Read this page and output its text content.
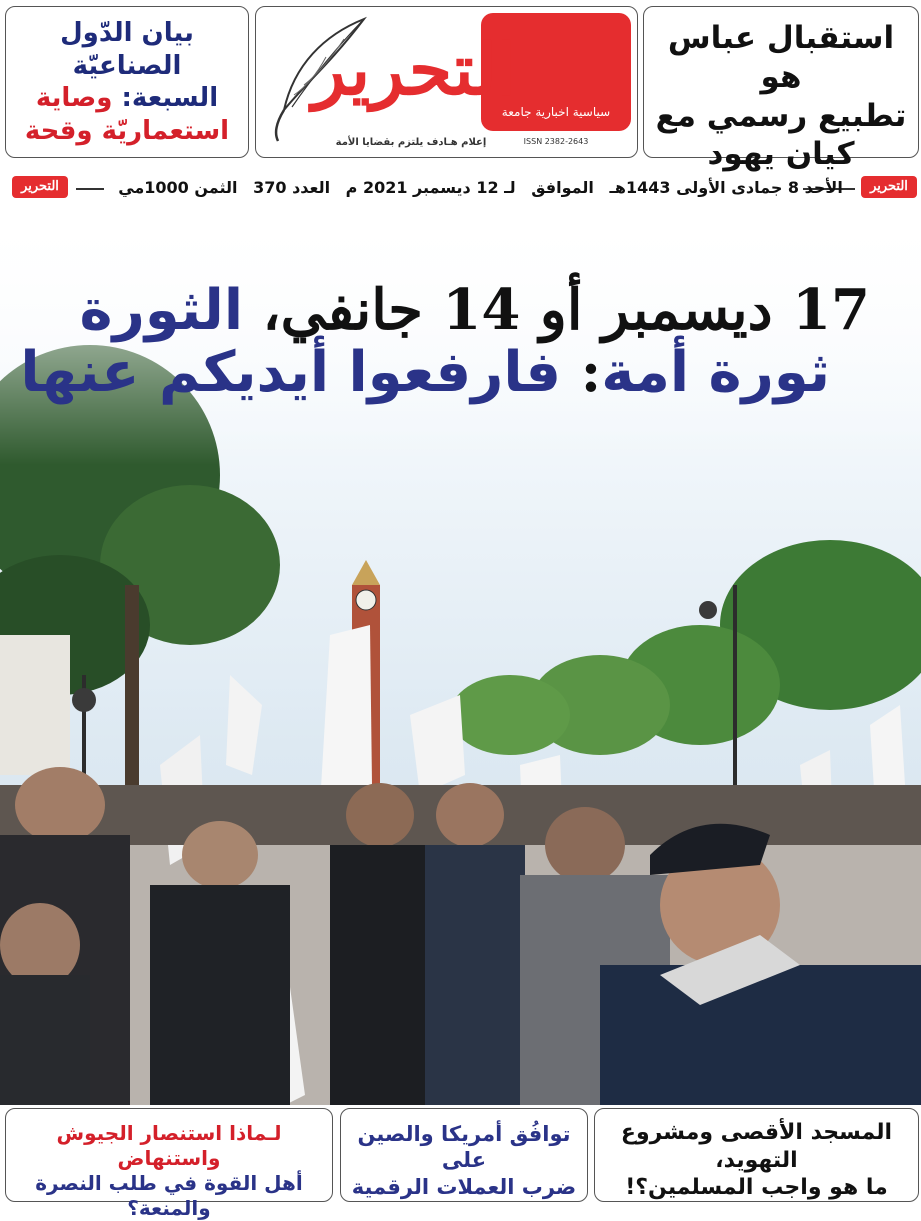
استقبال عباس هو
تطبيع رسمي مع
كيان يهود
التحرير
سياسية اخبارية جامعة
إعلام هـادف يلتزم بقضايا الأمة	ISSN 2382-2643
بيان الدّول الصناعيّة
السبعة: وصاية
استعماريّة وقحة
التحرير
الأحد 8 جمادى الأولى 1443هـ الموافق لـ 12 ديسمبر 2021 م العدد 370 الثمن 1000مي
التحرير
17 ديسمبر أو 14 جانفي، الثورة
ثورة أمة: فارفعوا أيديكم عنها
المسجد الأقصى ومشروع التهويد،
ما هو واجب المسلمين؟!
توافُق أمريكا والصين على
ضرب العملات الرقمية
لـماذا استنصار الجيوش واستنهاض
أهل القوة في طلب النصرة والمنعة؟
